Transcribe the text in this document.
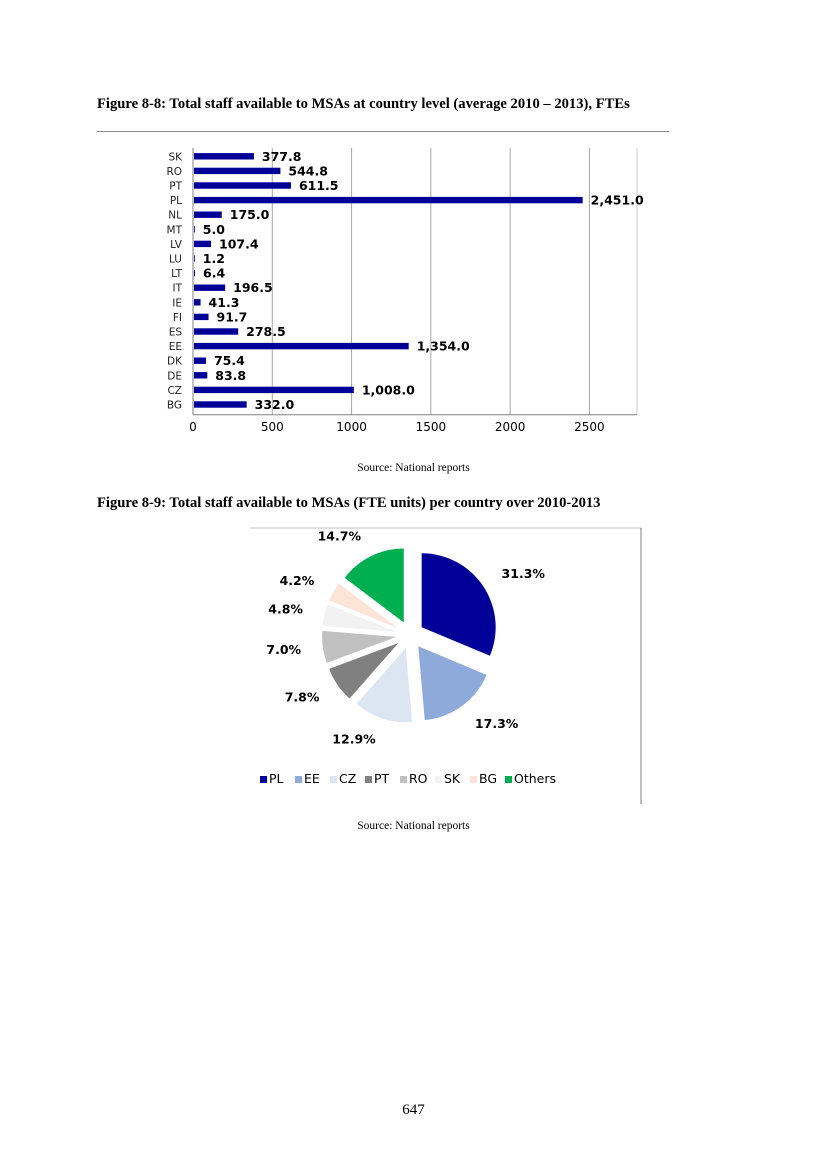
Figure 8-8: Total staff available to MSAs at country level (average 2010 – 2013), FTEs
0	500	1000	1500	2000	2500
SK	377.8
RO	544.8
PT	611.5
PL	2,451.0
NL	175.0
MT 5.0
LV	107.4
LU 1.2
LT 6.4
IT	196.5
IE 41.3
FI	91.7
ES	278.5
EE	1,354.0
DK	75.4
DE	83.8
CZ	1,008.0
BG	332.0
Source: National reports
Figure 8-9: Total staff available to MSAs (FTE units) per country over 2010-2013
31.3%
17.3%
12.9%
7.8%
7.0%
4.8%
4.2%
14.7%
PL EE CZ PT RO SK BG Others
Source: National reports
647
